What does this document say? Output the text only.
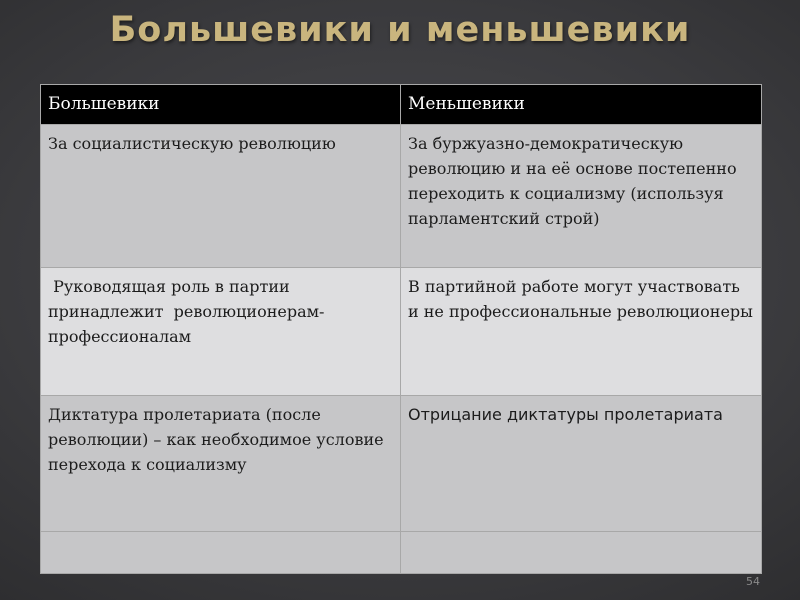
Большевики и меньшевики
Большевики	Меньшевики
За социалистическую революцию	За буржуазно-демократическую революцию и на её основе постепенно переходить к социализму (используя парламентский строй)
Руководящая роль в партии принадлежит  революционерам-профессионалам	В партийной работе могут участвовать и не профессиональные революционеры
Диктатура пролетариата (после революции) – как необходимое условие перехода к социализму	Отрицание диктатуры пролетариата

54
